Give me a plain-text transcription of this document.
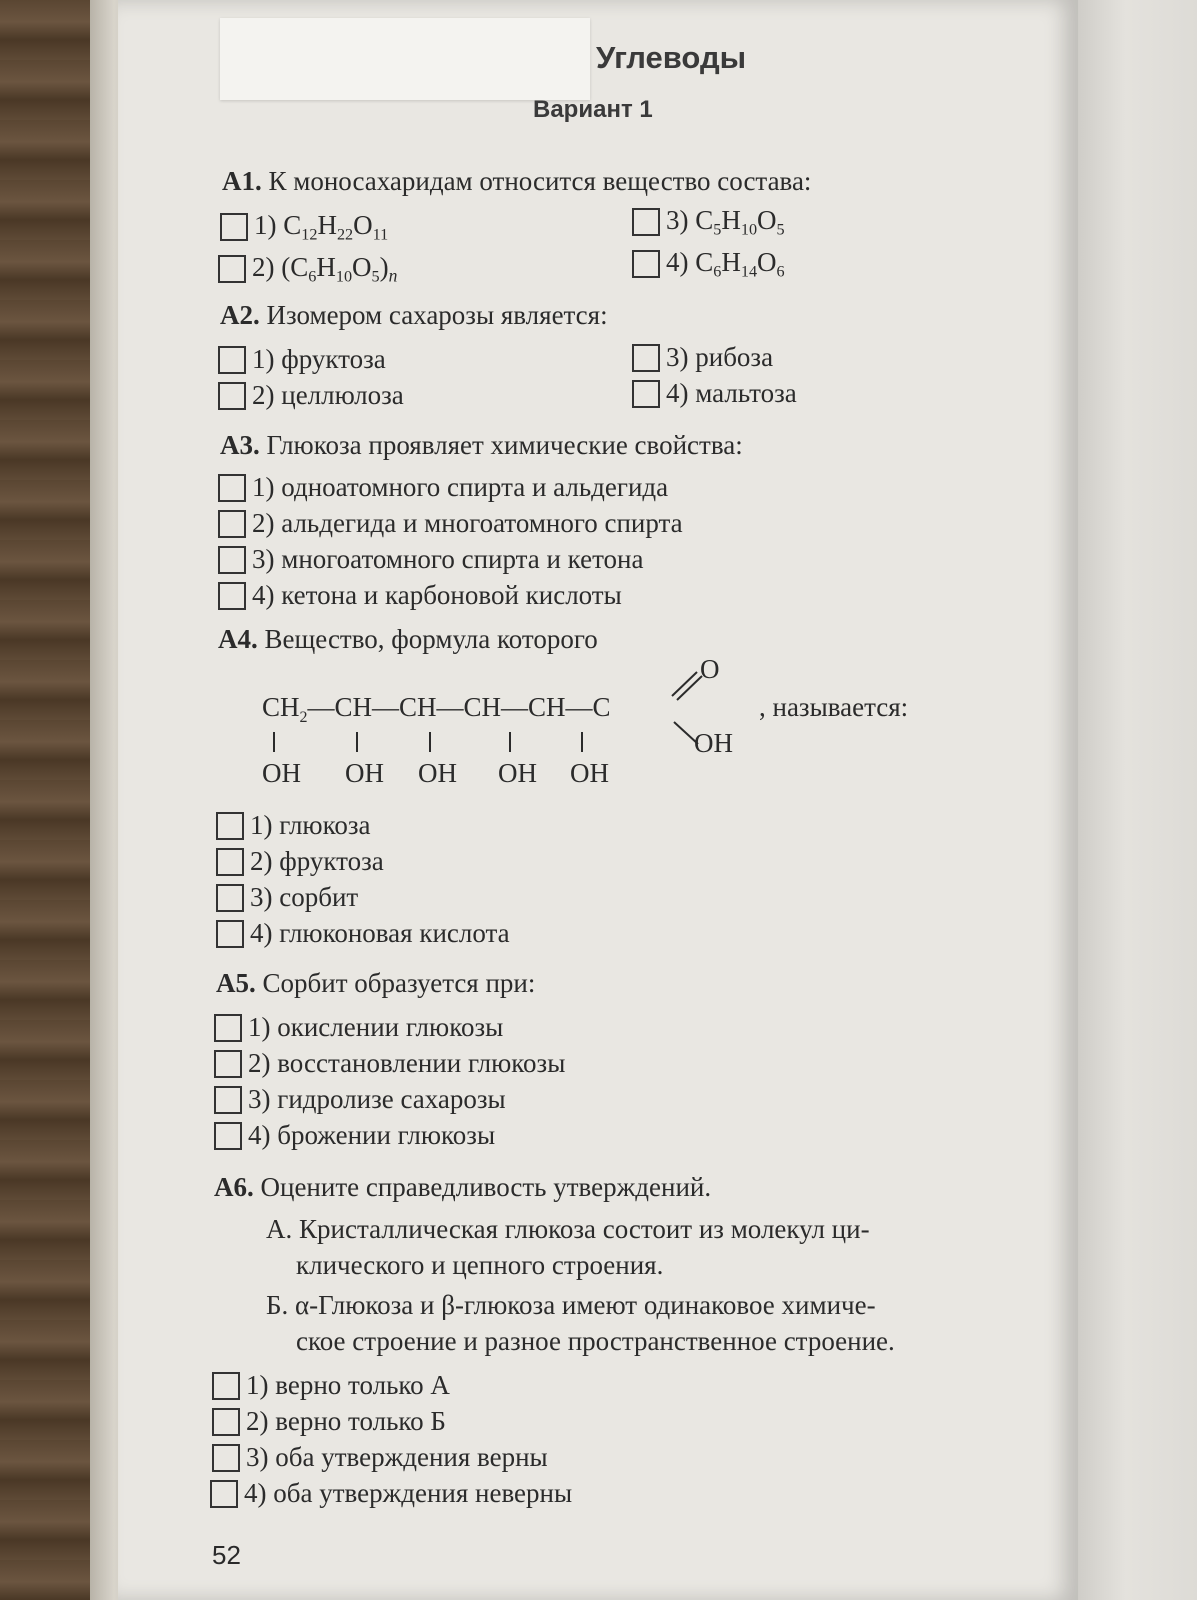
Углеводы
Вариант 1
A1. К моносахаридам относится вещество состава:
1) $C_{12}H_{22}O_{11}$
2) $(C_6H_{10}O_5)n$
3) $C_5H_{10}O_5$
4) $C_6H_{14}O_6$
A2. Изомером сахарозы является:
1) фруктоза
2) целлюлоза
3) рибоза
4) мальтоза
A3. Глюкоза проявляет химические свойства:
1) одноатомного спирта и альдегида
2) альдегида и многоатомного спирта
3) многоатомного спирта и кетона
4) кетона и карбоновой кислоты
A4. Вещество, формула которого
$CH_2—CH—CH—CH—CH—C$
O
OH
OH OH OH OH OH
, называется:
1) глюкоза
2) фруктоза
3) сорбит
4) глюконовая кислота
A5. Сорбит образуется при:
1) окислении глюкозы
2) восстановлении глюкозы
3) гидролизе сахарозы
4) брожении глюкозы
A6. Оцените справедливость утверждений.
А. Кристаллическая глюкоза состоит из молекул ци-
клического и цепного строения.
Б. α-Глюкоза и β-глюкоза имеют одинаковое химиче-
ское строение и разное пространственное строение.
1) верно только А
2) верно только Б
3) оба утверждения верны
4) оба утверждения неверны
52
